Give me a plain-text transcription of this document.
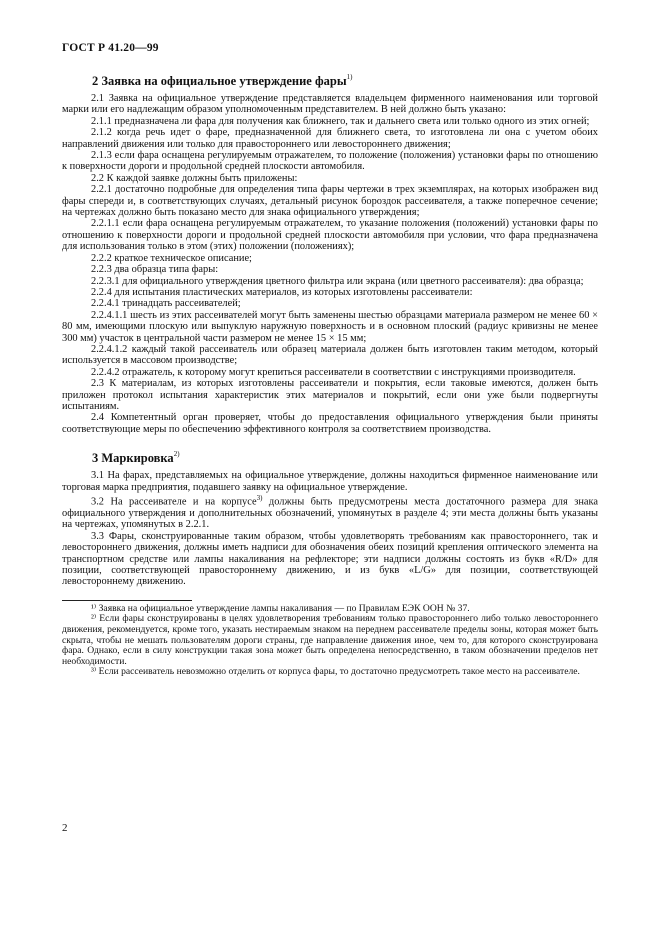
ГОСТ Р 41.20—99
2 Заявка на официальное утверждение фары$^{1)}$

2.1 Заявка на официальное утверждение представляется владельцем фирменного наименования или торговой марки или его надлежащим образом уполномоченным представителем. В ней должно быть указано:

2.1.1 предназначена ли фара для получения как ближнего, так и дальнего света или только одного из этих огней;

2.1.2 когда речь идет о фаре, предназначенной для ближнего света, то изготовлена ли она с учетом обоих направлений движения или только для правостороннего или левостороннего движения;

2.1.3 если фара оснащена регулируемым отражателем, то положение (положения) установки фары по отношению к поверхности дороги и продольной средней плоскости автомобиля.

2.2 К каждой заявке должны быть приложены:

2.2.1 достаточно подробные для определения типа фары чертежи в трех экземплярах, на которых изображен вид фары спереди и, в соответствующих случаях, детальный рисунок бороздок рассеивателя, а также поперечное сечение; на чертежах должно быть показано место для знака официального утверждения;

2.2.1.1 если фара оснащена регулируемым отражателем, то указание положения (положений) установки фары по отношению к поверхности дороги и продольной средней плоскости автомобиля при условии, что фара предназначена для использования только в этом (этих) положении (положениях);

2.2.2 краткое техническое описание;

2.2.3 два образца типа фары:

2.2.3.1 для официального утверждения цветного фильтра или экрана (или цветного рассеивателя): два образца;

2.2.4 для испытания пластических материалов, из которых изготовлены рассеиватели:

2.2.4.1 тринадцать рассеивателей;

2.2.4.1.1 шесть из этих рассеивателей могут быть заменены шестью образцами материала размером не менее 60 × 80 мм, имеющими плоскую или выпуклую наружную поверхность и в основном плоский (радиус кривизны не менее 300 мм) участок в центральной части размером не менее 15 × 15 мм;

2.2.4.1.2 каждый такой рассеиватель или образец материала должен быть изготовлен таким методом, который используется в массовом производстве;

2.2.4.2 отражатель, к которому могут крепиться рассеиватели в соответствии с инструкциями производителя.

2.3 К материалам, из которых изготовлены рассеиватели и покрытия, если таковые имеются, должен быть приложен протокол испытания характеристик этих материалов и покрытий, если они уже были подвергнуты испытаниям.

2.4 Компетентный орган проверяет, чтобы до предоставления официального утверждения были приняты соответствующие меры по обеспечению эффективного контроля за соответствием производства.

3 Маркировка$^{2)}$

3.1 На фарах, представляемых на официальное утверждение, должны находиться фирменное наименование или торговая марка предприятия, подавшего заявку на официальное утверждение.

3.2 На рассеивателе и на корпусе$^{3)}$ должны быть предусмотрены места достаточного размера для знака официального утверждения и дополнительных обозначений, упомянутых в разделе 4; эти места должны быть указаны на чертежах, упомянутых в 2.2.1.

3.3 Фары, сконструированные таким образом, чтобы удовлетворять требованиям как правостороннего, так и левостороннего движения, должны иметь надписи для обозначения обеих позиций крепления оптического элемента на транспортном средстве или лампы накаливания на рефлекторе; эти надписи должны состоять из букв «R/D» для позиции, соответствующей правостороннему движению, и из букв «L/G» для позиции, соответствующей левостороннему движению.

¹⁾ Заявка на официальное утверждение лампы накаливания — по Правилам ЕЭК ООН № 37.

²⁾ Если фары сконструированы в целях удовлетворения требованиям только правостороннего либо только левостороннего движения, рекомендуется, кроме того, указать нестираемым знаком на переднем рассеивателе пределы зоны, которая может быть скрыта, чтобы не мешать пользователям дороги страны, где направление движения иное, чем то, для которого сконструирована фара. Однако, если в силу конструкции такая зона может быть определена непосредственно, в таком обозначении пределов нет необходимости.

³⁾ Если рассеиватель невозможно отделить от корпуса фары, то достаточно предусмотреть такое место на рассеивателе.

2
